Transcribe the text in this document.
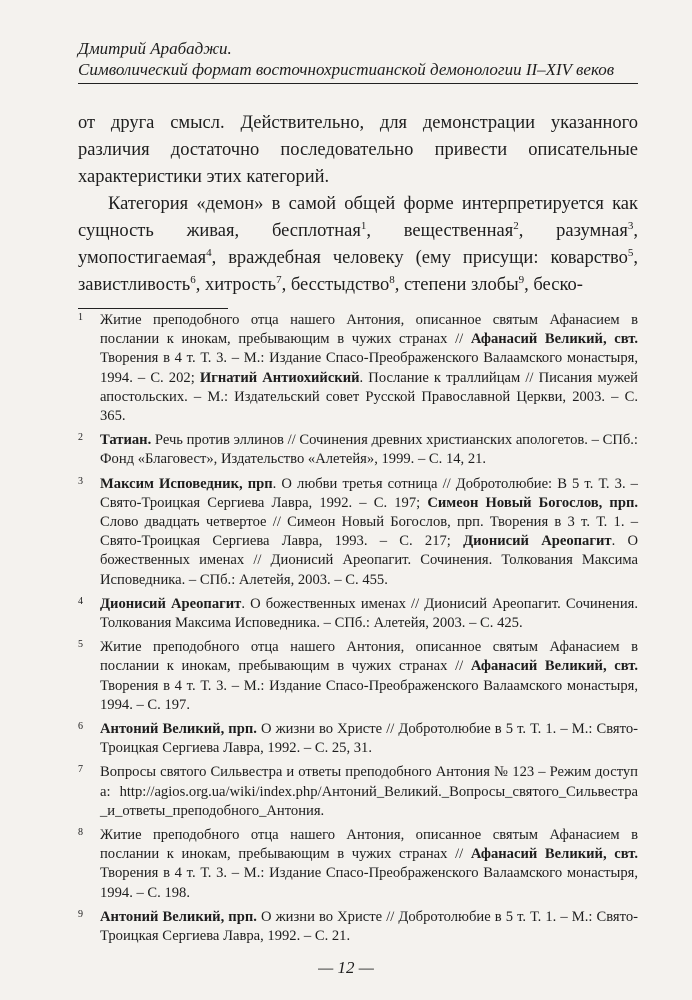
Дмитрий Арабаджи.
Символический формат восточнохристианской демонологии II–XIV веков

от друга смысл. Действительно, для демонстрации указанного различия достаточно последовательно привести описательные характеристики этих категорий.

Категория «демон» в самой общей форме интерпретируется как сущность живая, бесплотная$^1$, вещественная$^2$, разумная$^3$, умопостигаемая$^4$, враждебная человеку (ему присущи: коварство$^5$, завистливость$^6$, хитрость$^7$, бесстыдство$^8$, степени злобы$^9$, беско-

1 Житие преподобного отца нашего Антония, описанное святым Афанасием в послании к инокам, пребывающим в чужих странах // Афанасий Великий, свт. Творения в 4 т. Т. 3. – М.: Издание Спасо-Преображенского Валаамского монастыря, 1994. – С. 202; Игнатий Антиохийский. Послание к траллийцам // Писания мужей апостольских. – М.: Издательский совет Русской Православной Церкви, 2003. – С. 365.
2 Татиан. Речь против эллинов // Сочинения древних христианских апологетов. – СПб.: Фонд «Благовест», Издательство «Алетейя», 1999. – С. 14, 21.
3 Максим Исповедник, прп. О любви третья сотница // Добротолюбие: В 5 т. Т. 3. – Свято-Троицкая Сергиева Лавра, 1992. – С. 197; Симеон Новый Богослов, прп. Слово двадцать четвертое // Симеон Новый Богослов, прп. Творения в 3 т. Т. 1. – Свято-Троицкая Сергиева Лавра, 1993. – С. 217; Дионисий Ареопагит. О божественных именах // Дионисий Ареопагит. Сочинения. Толкования Максима Исповедника. – СПб.: Алетейя, 2003. – С. 455.
4 Дионисий Ареопагит. О божественных именах // Дионисий Ареопагит. Сочинения. Толкования Максима Исповедника. – СПб.: Алетейя, 2003. – С. 425.
5 Житие преподобного отца нашего Антония, описанное святым Афанасием в послании к инокам, пребывающим в чужих странах // Афанасий Великий, свт. Творения в 4 т. Т. 3. – М.: Издание Спасо-Преображенского Валаамского монастыря, 1994. – С. 197.
6 Антоний Великий, прп. О жизни во Христе // Добротолюбие в 5 т. Т. 1. – М.: Свято-Троицкая Сергиева Лавра, 1992. – С. 25, 31.
7 Вопросы святого Сильвестра и ответы преподобного Антония № 123 – Режим доступа: http://agios.org.ua/wiki/index.php/Антоний_Великий._Вопросы_святого_Сильвестра_и_ответы_преподобного_Антония.
8 Житие преподобного отца нашего Антония, описанное святым Афанасием в послании к инокам, пребывающим в чужих странах // Афанасий Великий, свт. Творения в 4 т. Т. 3. – М.: Издание Спасо-Преображенского Валаамского монастыря, 1994. – С. 198.
9 Антоний Великий, прп. О жизни во Христе // Добротолюбие в 5 т. Т. 1. – М.: Свято-Троицкая Сергиева Лавра, 1992. – С. 21.
— 12 —
